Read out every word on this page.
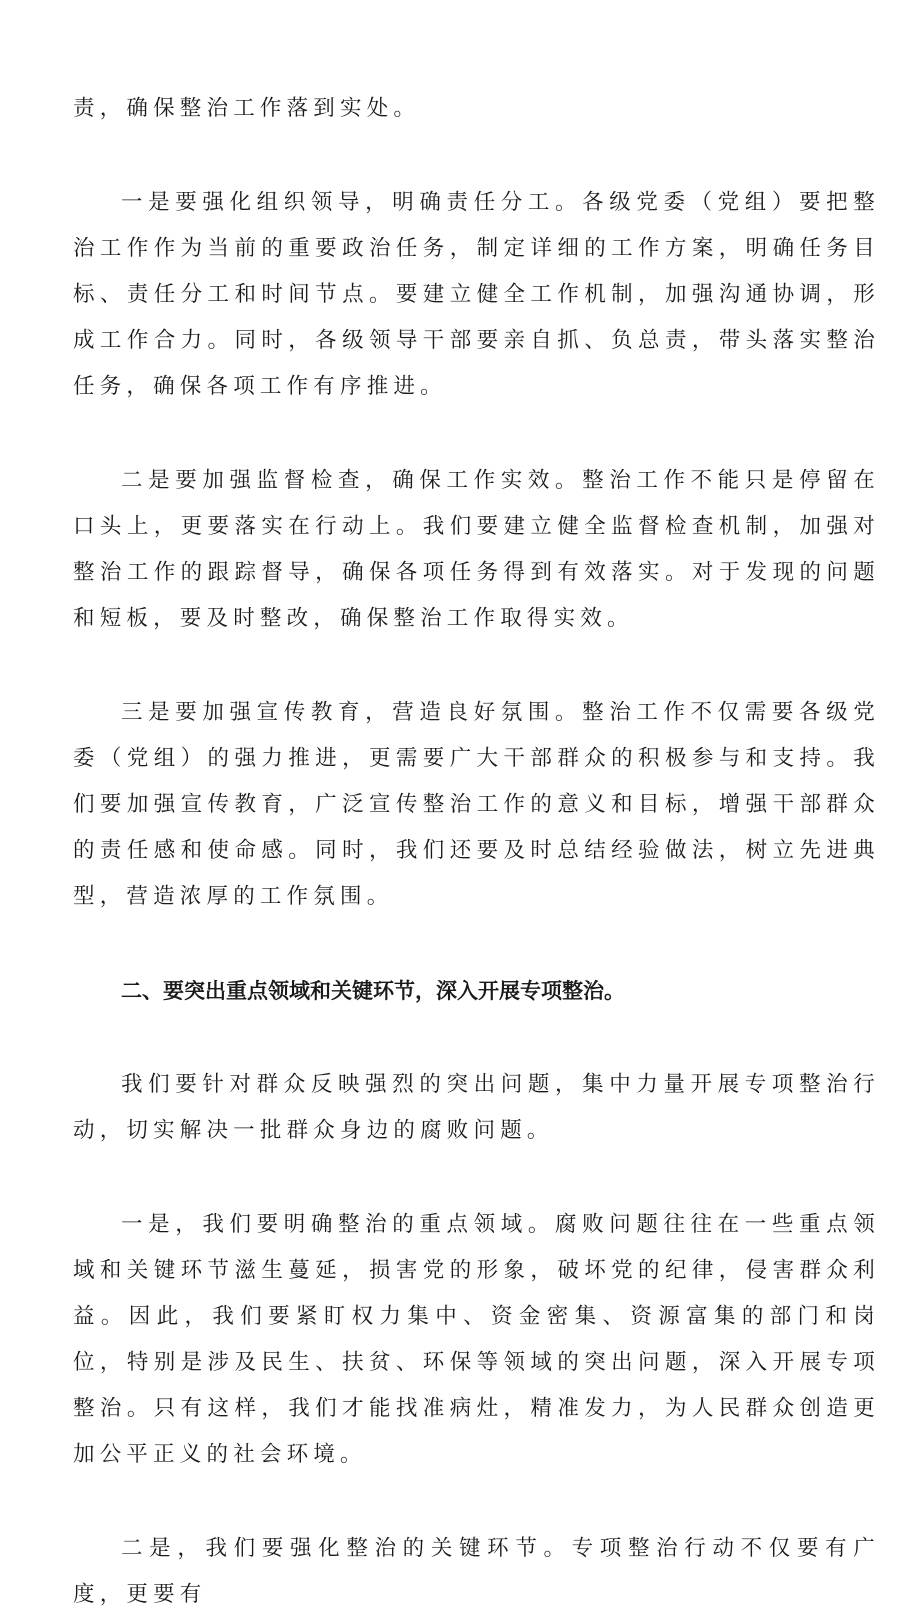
责，确保整治工作落到实处。

一是要强化组织领导，明确责任分工。各级党委（党组）要把整治工作作为当前的重要政治任务，制定详细的工作方案，明确任务目标、责任分工和时间节点。要建立健全工作机制，加强沟通协调，形成工作合力。同时，各级领导干部要亲自抓、负总责，带头落实整治任务，确保各项工作有序推进。

二是要加强监督检查，确保工作实效。整治工作不能只是停留在口头上，更要落实在行动上。我们要建立健全监督检查机制，加强对整治工作的跟踪督导，确保各项任务得到有效落实。对于发现的问题和短板，要及时整改，确保整治工作取得实效。

三是要加强宣传教育，营造良好氛围。整治工作不仅需要各级党委（党组）的强力推进，更需要广大干部群众的积极参与和支持。我们要加强宣传教育，广泛宣传整治工作的意义和目标，增强干部群众的责任感和使命感。同时，我们还要及时总结经验做法，树立先进典型，营造浓厚的工作氛围。

二、要突出重点领域和关键环节，深入开展专项整治。

我们要针对群众反映强烈的突出问题，集中力量开展专项整治行动，切实解决一批群众身边的腐败问题。

一是，我们要明确整治的重点领域。腐败问题往往在一些重点领域和关键环节滋生蔓延，损害党的形象，破坏党的纪律，侵害群众利益。因此，我们要紧盯权力集中、资金密集、资源富集的部门和岗位，特别是涉及民生、扶贫、环保等领域的突出问题，深入开展专项整治。只有这样，我们才能找准病灶，精准发力，为人民群众创造更加公平正义的社会环境。

二是，我们要强化整治的关键环节。专项整治行动不仅要有广度，更要有
